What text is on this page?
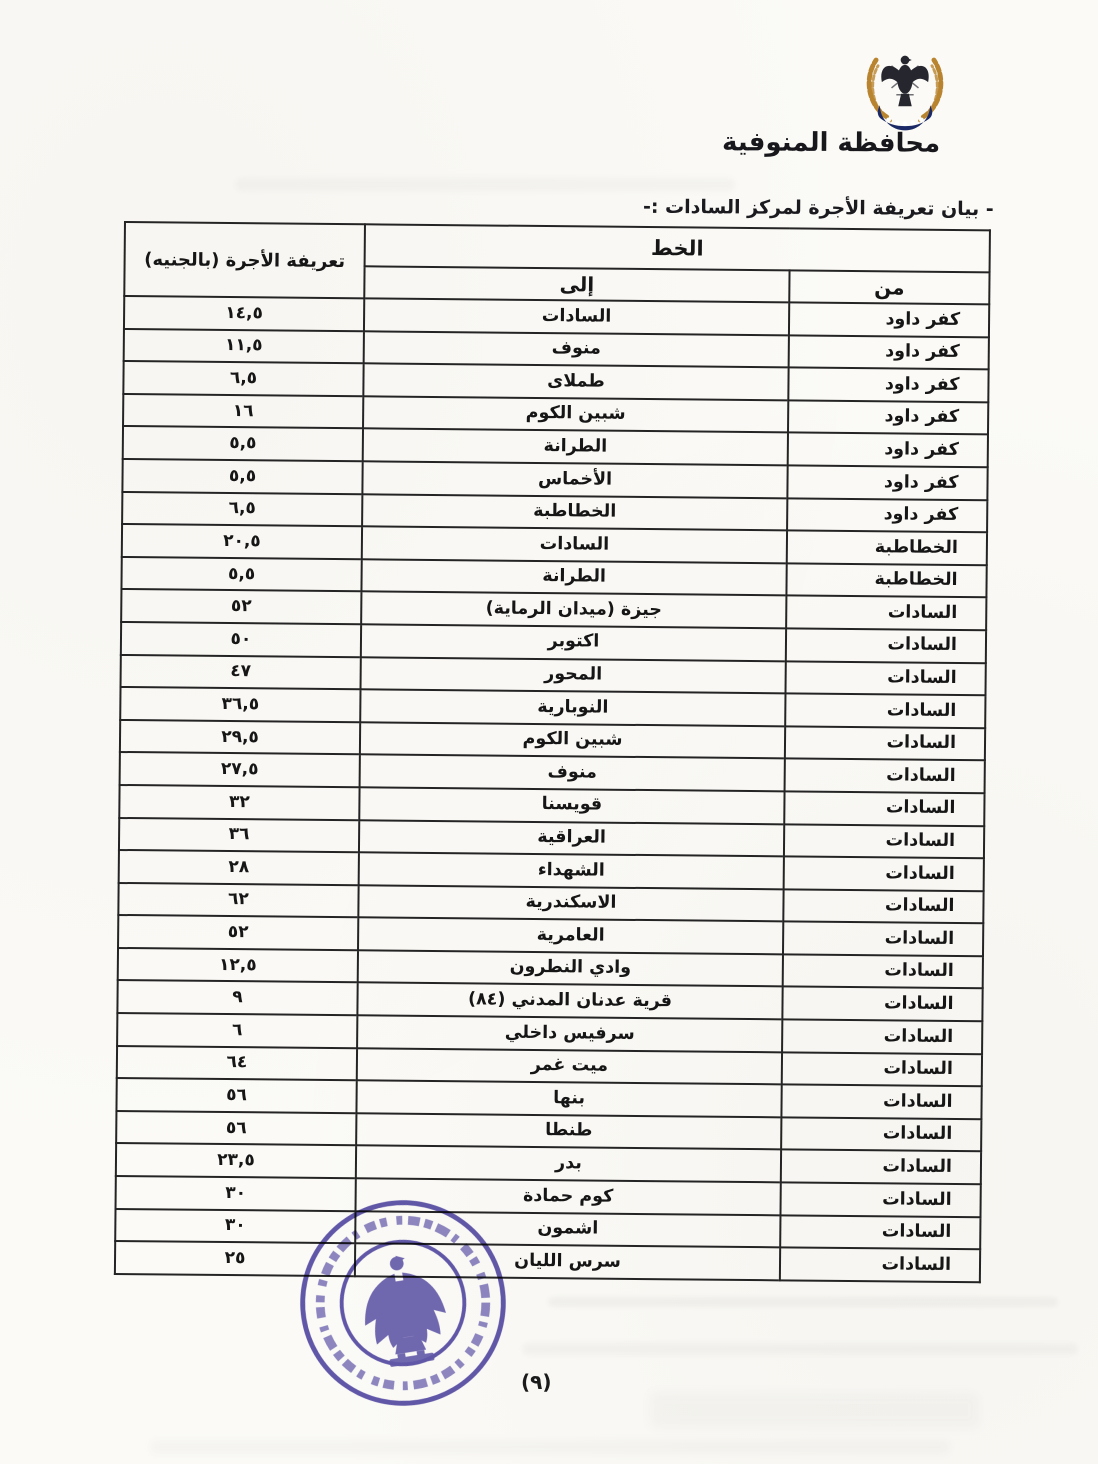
محافظة المنوفية
- بيان تعريفة الأجرة لمركز السادات :-
الخط		تعريفة الأجرة (بالجنيه)
من	إلى	
كفر داود	السادات	١٤,٥
كفر داود	منوف	١١,٥
كفر داود	طملاى	٦,٥
كفر داود	شبين الكوم	١٦
كفر داود	الطرانة	٥,٥
كفر داود	الأخماس	٥,٥
كفر داود	الخطاطبة	٦,٥
الخطاطبة	السادات	٢٠,٥
الخطاطبة	الطرانة	٥,٥
السادات	جيزة (ميدان الرماية)	٥٢
السادات	اكتوبر	٥٠
السادات	المحور	٤٧
السادات	النوبارية	٣٦,٥
السادات	شبين الكوم	٢٩,٥
السادات	منوف	٢٧,٥
السادات	قويسنا	٣٢
السادات	العراقية	٣٦
السادات	الشهداء	٢٨
السادات	الاسكندرية	٦٢
السادات	العامرية	٥٢
السادات	وادي النطرون	١٢,٥
السادات	قرية عدنان المدني (٨٤)	٩
السادات	سرفيس داخلي	٦
السادات	ميت غمر	٦٤
السادات	بنها	٥٦
السادات	طنطا	٥٦
السادات	بدر	٢٣,٥
السادات	كوم حمادة	٣٠
السادات	اشمون	٣٠
السادات	سرس الليان	٢٥
(٩)
